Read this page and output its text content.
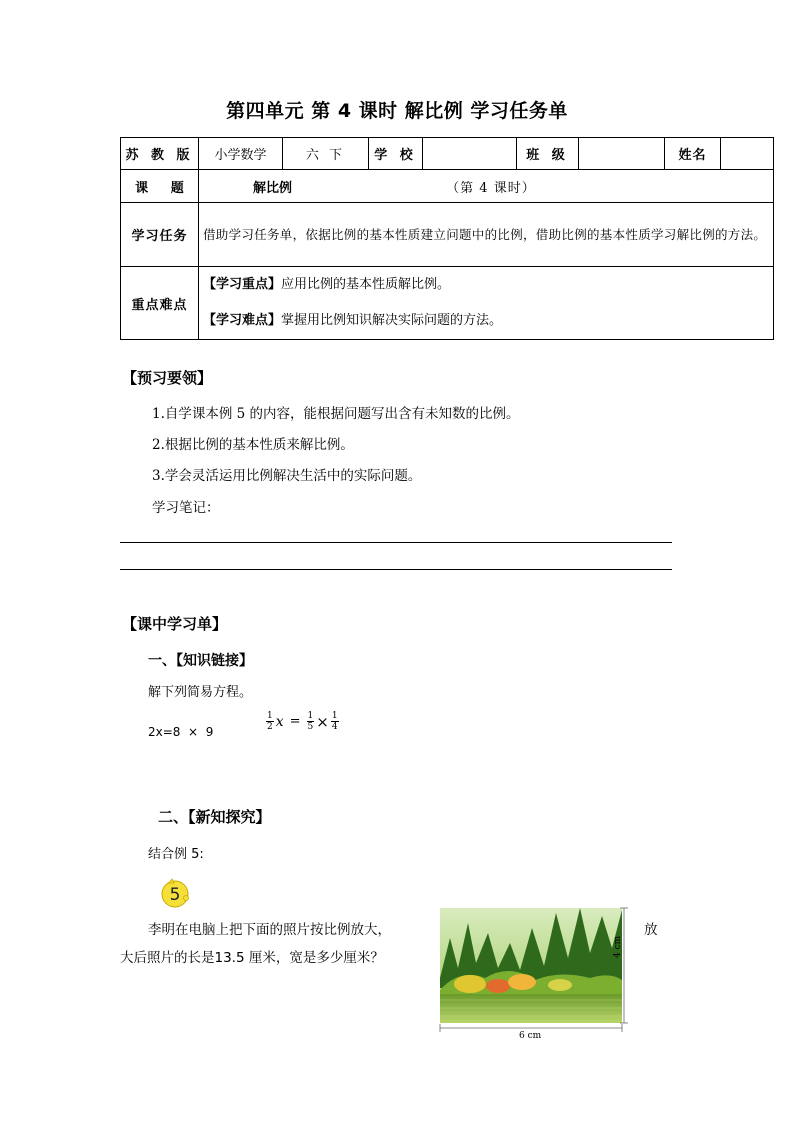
第四单元 第 4 课时 解比例 学习任务单
苏 教 版	小学数学	六 下	学 校		班 级		姓名	
课     题	解比例 （第 4 课时）							
学习任务	借助学习任务单，依据比例的基本性质建立问题中的比例，借助比例的基本性质学习解比例的方法。							
重点难点	【学习重点】应用比例的基本性质解比例。
【学习难点】掌握用比例知识解决实际问题的方法。							
【预习要领】
1.自学课本例 5 的内容，能根据问题写出含有未知数的比例。
2.根据比例的基本性质来解比例。
3.学会灵活运用比例解决生活中的实际问题。
学习笔记：
【课中学习单】
一、【知识链接】
解下列简易方程。
2x=8  ×  9
1
2 $x = \frac{1}{5} \times \frac{1}{4}$
二、【新知探究】
结合例 5:
5
李明在电脑上把下面的照片按比例放大，	放
大后照片的长是13.5 厘米，宽是多少厘米？
6 cm
4 cm
